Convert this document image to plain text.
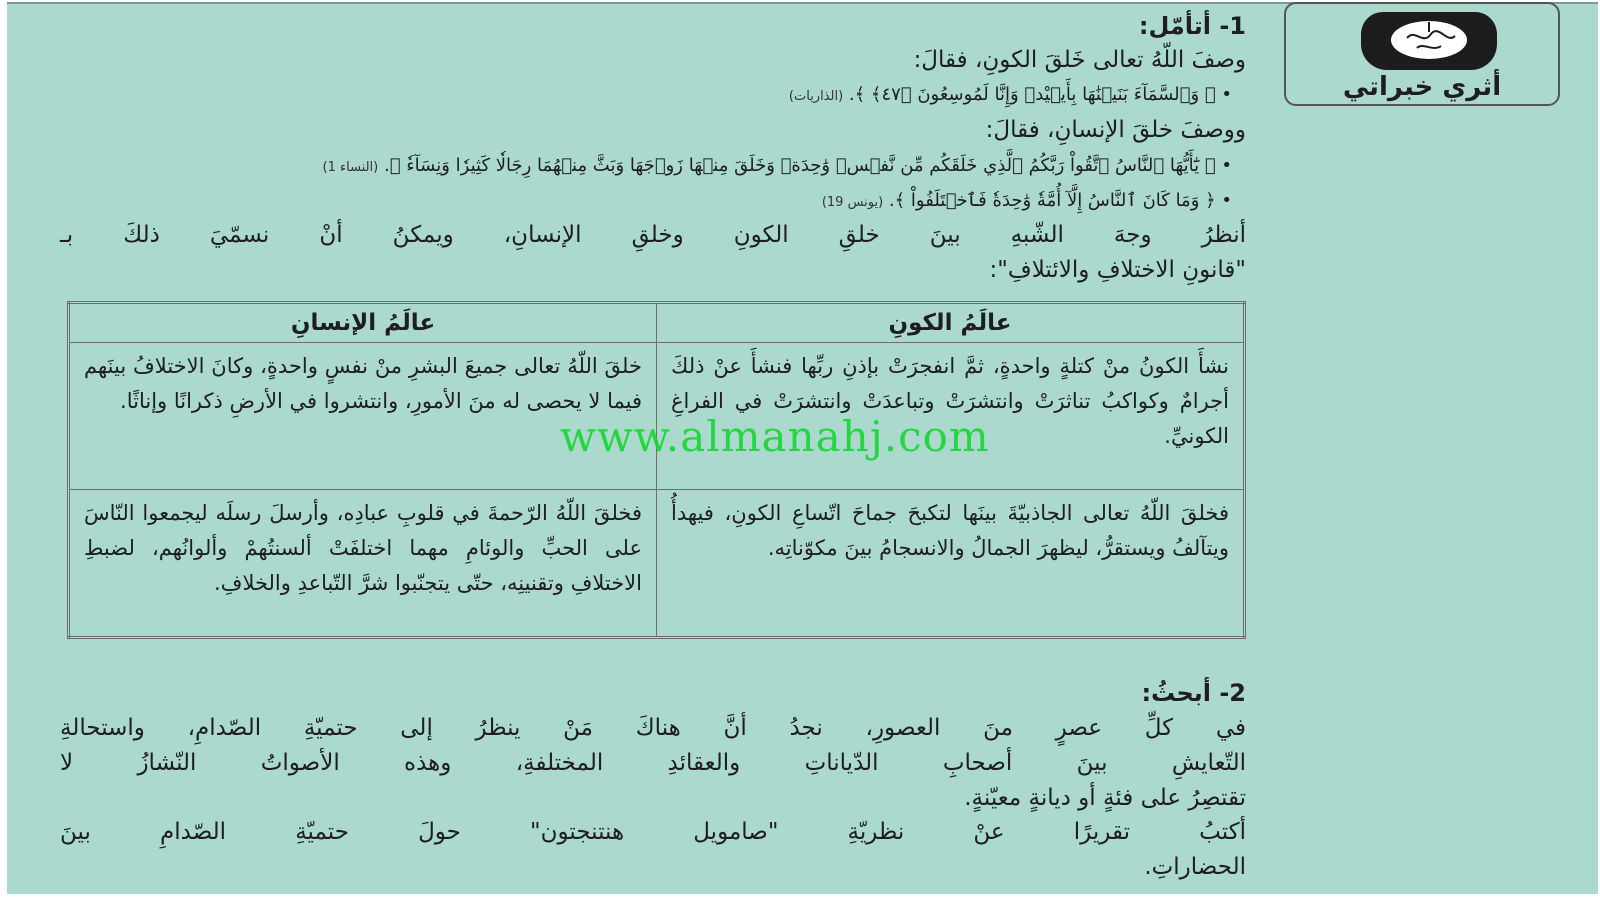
أثري خبراتي
1- أتأمّل:
وصفَ اللّهُ تعالى خَلقَ الكونِ، فقالَ:
• ﴿ وَٱلسَّمَآءَ بَنَيۡنَٰهَا بِأَيۡيْدٖ وَإِنَّا لَمُوسِعُونَ ﴿٤٧﴾ ﴾. (الذاريات)
ووصفَ خلقَ الإنسانِ، فقالَ:
• ﴿ يَٰٓأَيُّهَا ٱلنَّاسُ ٱتَّقُواْ رَبَّكُمُ ٱلَّذِي خَلَقَكُم مِّن نَّفۡسٖ وَٰحِدَةٖ وَخَلَقَ مِنۡهَا زَوۡجَهَا وَبَثَّ مِنۡهُمَا رِجَالٗا كَثِيرٗا وَنِسَآءٗ ﴾. (النساء 1)
• ﴿ وَمَا كَانَ ٱلنَّاسُ إِلَّآ أُمَّةٗ وَٰحِدَةٗ فَٱخۡتَلَفُواْ ﴾. (يونس 19)
أنظرُ وجهَ الشّبهِ بينَ خلقِ الكونِ وخلقِ الإنسانِ، ويمكنُ أنْ نسمّيَ ذلكَ بـ
"قانونِ الاختلافِ والائتلافِ":
عالَمُ الكونِ	عالَمُ الإنسانِ
نشأَ الكونُ منْ كتلةٍ واحدةٍ، ثمَّ انفجرَتْ بإذنِ ربِّها فنشأَ عنْ ذلكَ أجرامٌ وكواكبُ تناثرَتْ وانتشرَتْ وتباعدَتْ وانتشرَتْ في الفراغِ الكونيِّ.	خلقَ اللّهُ تعالى جميعَ البشرِ منْ نفسٍ واحدةٍ، وكانَ الاختلافُ بينَهم فيما لا يحصى له منَ الأمورِ، وانتشروا في الأرضِ ذكرانًا وإناثًا.
فخلقَ اللّهُ تعالى الجاذبيّةَ بينَها لتكبحَ جماحَ اتّساعِ الكونِ، فيهدأُ ويتآلفُ ويستقرُّ، ليظهرَ الجمالُ والانسجامُ بينَ مكوّناتِه.	فخلقَ اللّهُ الرّحمةَ في قلوبِ عبادِه، وأرسلَ رسلَه ليجمعوا النّاسَ على الحبِّ والوئامِ مهما اختلفَتْ ألسنتُهمْ وألوانُهم، لضبطِ الاختلافِ وتقنينِه، حتّى يتجنّبوا شرَّ التّباعدِ والخلافِ.
www.almanahj.com
2- أبحثُ:
في كلِّ عصرٍ منَ العصورِ، نجدُ أنَّ هناكَ مَنْ ينظرُ إلى حتميّةِ الصّدامِ، واستحالةِ
التّعايشِ بينَ أصحابِ الدّياناتِ والعقائدِ المختلفةِ، وهذه الأصواتُ النّشازُ لا
تقتصِرُ على فئةٍ أو ديانةٍ معيّنةٍ.
أكتبُ تقريرًا عنْ نظريّةِ "صامويل هنتنجتون" حولَ حتميّةِ الصّدامِ بينَ
الحضاراتِ.
